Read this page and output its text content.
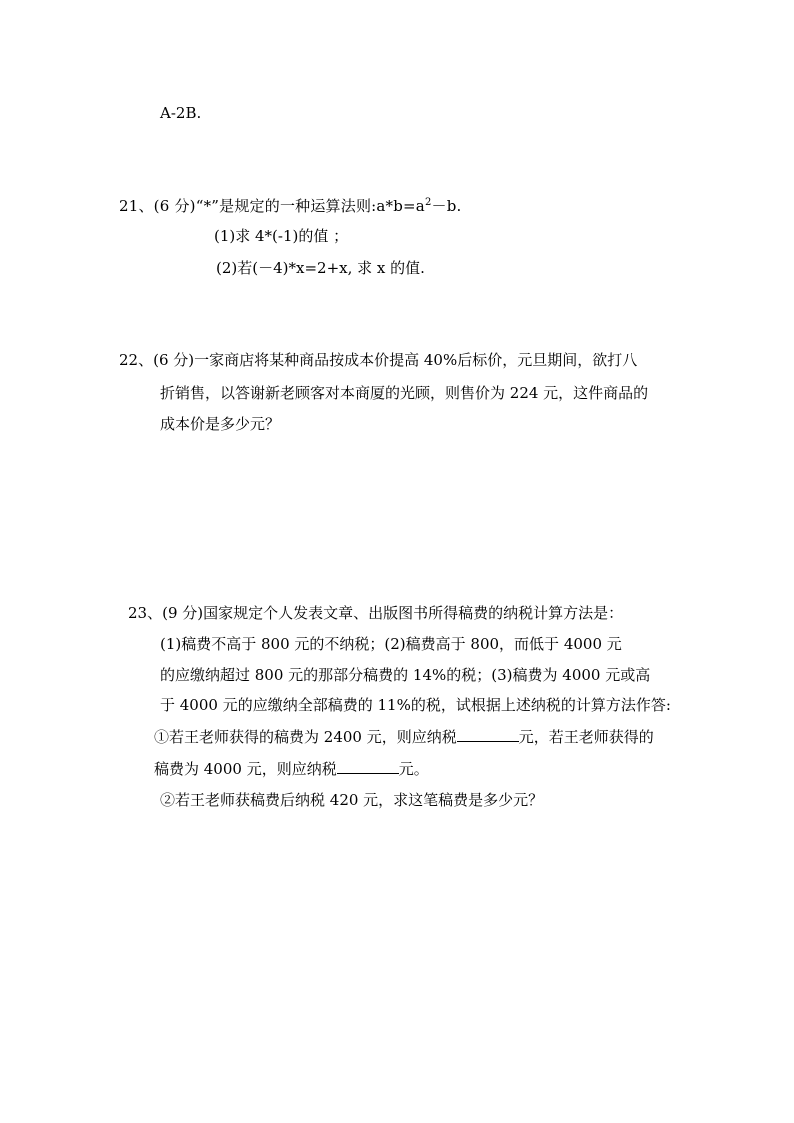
A-2B.
21、(6 分)“*”是规定的一种运算法则$:a*b=a^2-b$.
(1)求 4*(-1)的值 ；
(2)若(－4)*x=2+x, 求 x 的值.
22、(6 分)一家商店将某种商品按成本价提高 40%后标价，元旦期间，欲打八
折销售，以答谢新老顾客对本商厦的光顾，则售价为 224 元，这件商品的
成本价是多少元？
23、(9 分)国家规定个人发表文章、出版图书所得稿费的纳税计算方法是：
(1)稿费不高于 800 元的不纳税；(2)稿费高于 800，而低于 4000 元
的应缴纳超过 800 元的那部分稿费的 14%的税；(3)稿费为 4000 元或高
于 4000 元的应缴纳全部稿费的 11%的税，试根据上述纳税的计算方法作答:
①若王老师获得的稿费为 2400 元，则应纳税	元，若王老师获得的
稿费为 4000 元，则应纳税	元。
②若王老师获稿费后纳税 420 元，求这笔稿费是多少元？
